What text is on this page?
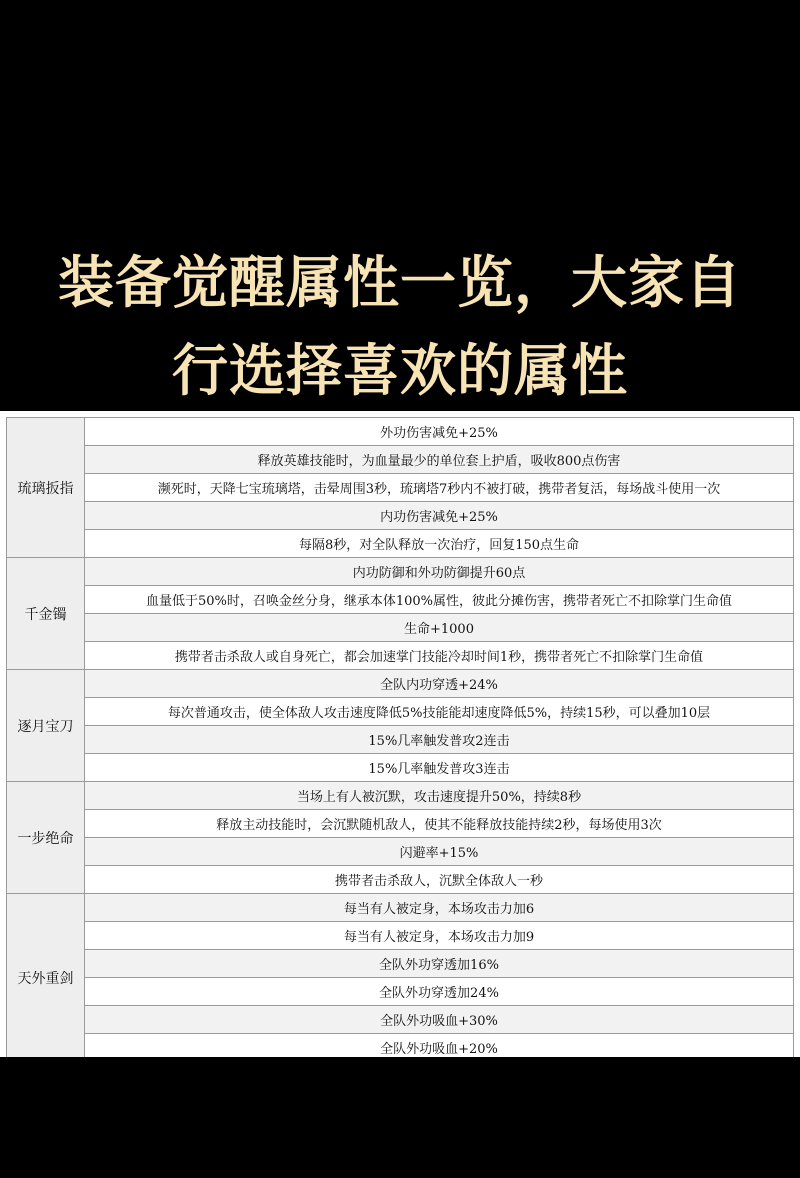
装备觉醒属性一览，大家自
行选择喜欢的属性
琉璃扳指	外功伤害减免+25%
	释放英雄技能时，为血量最少的单位套上护盾，吸收800点伤害
	濒死时，天降七宝琉璃塔，击晕周围3秒，琉璃塔7秒内不被打破，携带者复活，每场战斗使用一次
	内功伤害减免+25%
	每隔8秒，对全队释放一次治疗，回复150点生命
千金镯	内功防御和外功防御提升60点
	血量低于50%时，召唤金丝分身，继承本体100%属性，彼此分摊伤害，携带者死亡不扣除掌门生命值
	生命+1000
	携带者击杀敌人或自身死亡，都会加速掌门技能冷却时间1秒，携带者死亡不扣除掌门生命值
逐月宝刀	全队内功穿透+24%
	每次普通攻击，使全体敌人攻击速度降低5%技能能却速度降低5%，持续15秒，可以叠加10层
	15%几率触发普攻2连击
	15%几率触发普攻3连击
一步绝命	当场上有人被沉默，攻击速度提升50%，持续8秒
	释放主动技能时，会沉默随机敌人，使其不能释放技能持续2秒，每场使用3次
	闪避率+15%
	携带者击杀敌人，沉默全体敌人一秒
天外重剑	每当有人被定身，本场攻击力加6
	每当有人被定身，本场攻击力加9
	全队外功穿透加16%
	全队外功穿透加24%
	全队外功吸血+30%
	全队外功吸血+20%
